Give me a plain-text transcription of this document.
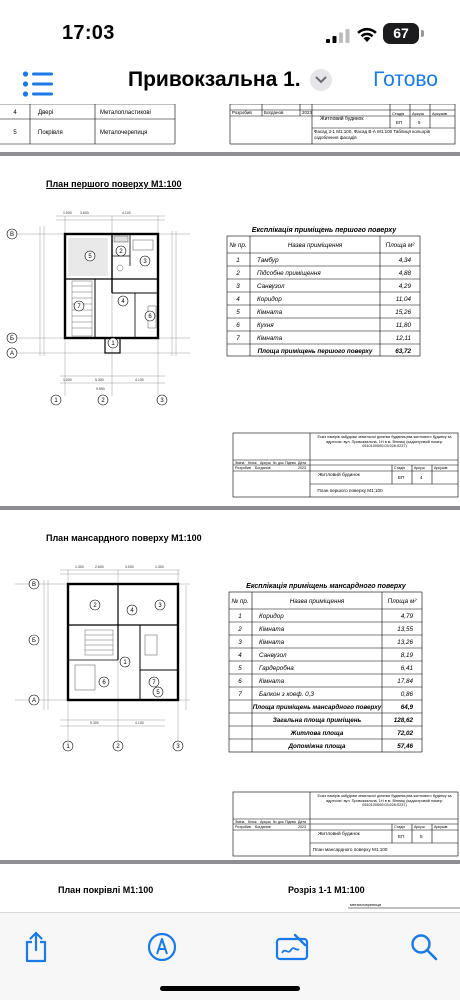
17:03	67
Привокзальна 1.	Готово
4	Двері	Металопластикові
5	Покрівля	Металочерепиця
Розробив	Богданов	2023
Житловий будинок
Стадія Аркуш Аркушів
ЕП	5
Фасад 3-1 М1:100, Фасад В-А М1:100 Таблиця кольорів оздоблення фасадів
План першого поверху М1:100
1.000 3.600	4.100
1.000	5.300	4.100
9.550
1
2
3
4
5
6
7
В
Б
А
1	2	3
Експлікація приміщень першого поверху
№ пр.	Назва приміщення	Площа м²
1	Тамбур	4,34
2	Підсобне приміщення	4,88
3	Санвузол	4,29
4	Коридор	11,04
5	Кімната	15,26
6	Кухня	11,80
7	Кімната	12,11
Площа приміщень першого поверху	63,72
Ескіз намірів забудови земельної ділянки будівництва житлового будинку за адресою: вул. Привокзальна, 1Н в м. Вінниці (кадастровий номер: 0510100000:03:026:0237)
Зміна Кільк. Аркуш № док. Підпис Дата
Розробив Богданов	2023	Стадія Аркуш	Аркушів
Житловий будинок	ЕП	4
План першого поверху М1:100
План мансардного поверху М1:100
1.300	2.600	3.000	1.300
5.300	4.100
1
2	3
4
5
6	7
В
Б
А
1	2	3
Експлікація приміщень мансардного поверху
№ пр.	Назва приміщення	Площа м²
1	Коридор	4,79
2	Кімната	13,55
3	Кімната	13,26
4	Санвузол	8,19
5	Гардеробна	6,41
6	Кімната	17,84
7	Балкон з коеф. 0,3	0,86
Площа приміщень мансардного поверху	64,9
Загальна площа приміщень	128,62
Житлова площа	72,02
Допоміжна площа	57,46
Ескіз намірів забудови земельної ділянки будівництва житлового будинку за адресою: вул. Привокзальна, 1Н в м. Вінниці (кадастровий номер: 0510100000:03:026:0237)
Зміна Кільк. Аркуш № док. Підпис Дата
Розробив Богданов	2023	Стадія Аркуш	Аркушів
Житловий будинок	ЕП	5
План мансардного поверху М1:100
План покрівлі М1:100	Розріз 1-1 М1:100
металочерепиця
